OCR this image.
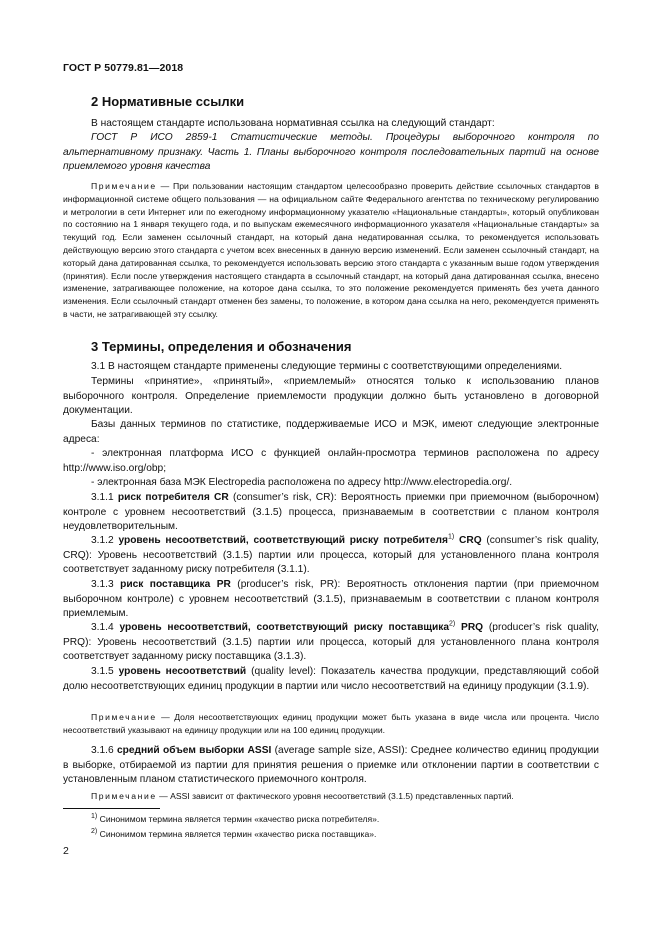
ГОСТ Р 50779.81—2018
2 Нормативные ссылки

В настоящем стандарте использована нормативная ссылка на следующий стандарт:

ГОСТ Р ИСО 2859-1 Статистические методы. Процедуры выборочного контроля по альтернативному признаку. Часть 1. Планы выборочного контроля последовательных партий на основе приемлемого уровня качества

Примечание — При пользовании настоящим стандартом целесообразно проверить действие ссылочных стандартов в информационной системе общего пользования — на официальном сайте Федерального агентства по техническому регулированию и метрологии в сети Интернет или по ежегодному информационному указателю «Национальные стандарты», который опубликован по состоянию на 1 января текущего года, и по выпускам ежемесячного информационного указателя «Национальные стандарты» за текущий год. Если заменен ссылочный стандарт, на который дана недатированная ссылка, то рекомендуется использовать действующую версию этого стандарта с учетом всех внесенных в данную версию изменений. Если заменен ссылочный стандарт, на который дана датированная ссылка, то рекомендуется использовать версию этого стандарта с указанным выше годом утверждения (принятия). Если после утверждения настоящего стандарта в ссылочный стандарт, на который дана датированная ссылка, внесено изменение, затрагивающее положение, на которое дана ссылка, то это положение рекомендуется применять без учета данного изменения. Если ссылочный стандарт отменен без замены, то положение, в котором дана ссылка на него, рекомендуется применять в части, не затрагивающей эту ссылку.

3 Термины, определения и обозначения

3.1 В настоящем стандарте применены следующие термины с соответствующими определениями.

Термины «принятие», «принятый», «приемлемый» относятся только к использованию планов выборочного контроля. Определение приемлемости продукции должно быть установлено в договорной документации.

Базы данных терминов по статистике, поддерживаемые ИСО и МЭК, имеют следующие электронные адреса:

- электронная платформа ИСО с функцией онлайн-просмотра терминов расположена по адресу http://www.iso.org/obp;

- электронная база МЭК Electropedia расположена по адресу http://www.electropedia.org/.

3.1.1 риск потребителя CR (consumer’s risk, CR): Вероятность приемки при приемочном (выборочном) контроле с уровнем несоответствий (3.1.5) процесса, признаваемым в соответствии с планом контроля неудовлетворительным.

3.1.2 уровень несоответствий, соответствующий риску потребителя$^{1)}$ CRQ (consumer’s risk quality, CRQ): Уровень несоответствий (3.1.5) партии или процесса, который для установленного плана контроля соответствует заданному риску потребителя (3.1.1).

3.1.3 риск поставщика PR (producer’s risk, PR): Вероятность отклонения партии (при приемочном выборочном контроле) с уровнем несоответствий (3.1.5), признаваемым в соответствии с планом контроля приемлемым.

3.1.4 уровень несоответствий, соответствующий риску поставщика$^{2)}$ PRQ (producer’s risk quality, PRQ): Уровень несоответствий (3.1.5) партии или процесса, который для установленного плана контроля соответствует заданному риску поставщика (3.1.3).

3.1.5 уровень несоответствий (quality level): Показатель качества продукции, представляющий собой долю несоответствующих единиц продукции в партии или число несоответствий на единицу продукции (3.1.9).

Примечание — Доля несоответствующих единиц продукции может быть указана в виде числа или процента. Число несоответствий указывают на единицу продукции или на 100 единиц продукции.

3.1.6 средний объем выборки ASSI (average sample size, ASSI): Среднее количество единиц продукции в выборке, отбираемой из партии для принятия решения о приемке или отклонении партии в соответствии с установленным планом статистического приемочного контроля.

Примечание — ASSI зависит от фактического уровня несоответствий (3.1.5) представленных партий.

$^{1)}$ Синонимом термина является термин «качество риска потребителя».
$^{2)}$ Синонимом термина является термин «качество риска поставщика».
2
